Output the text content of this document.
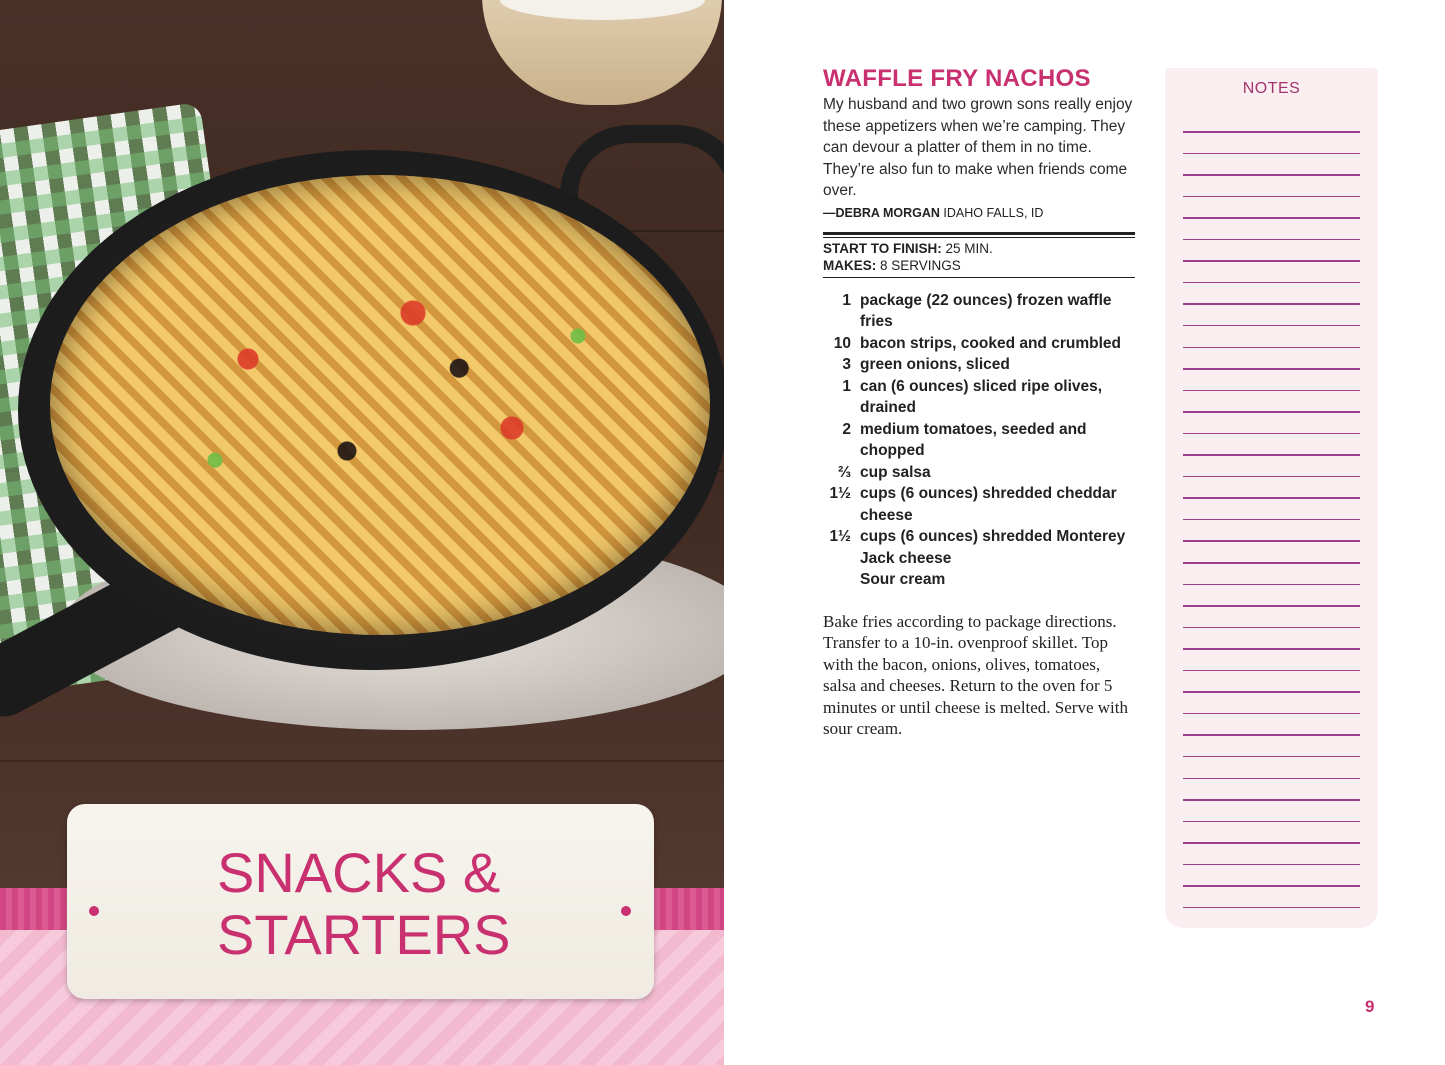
SNACKS &
STARTERS
WAFFLE FRY NACHOS

My husband and two grown sons really enjoy these appetizers when we’re camping. They can devour a platter of them in no time. They’re also fun to make when friends come over.

—DEBRA MORGAN IDAHO FALLS, ID
START TO FINISH: 25 MIN.
MAKES: 8 SERVINGS
1 package (22 ounces) frozen waffle fries
10 bacon strips, cooked and crumbled
3 green onions, sliced
1 can (6 ounces) sliced ripe olives, drained
2 medium tomatoes, seeded and chopped
⅔ cup salsa
1½ cups (6 ounces) shredded cheddar cheese
1½ cups (6 ounces) shredded Monterey Jack cheese
Sour cream

Bake fries according to package directions. Transfer to a 10-in. ovenproof skillet. Top with the bacon, onions, olives, tomatoes, salsa and cheeses. Return to the oven for 5 minutes or until cheese is melted. Serve with sour cream.

NOTES
9
